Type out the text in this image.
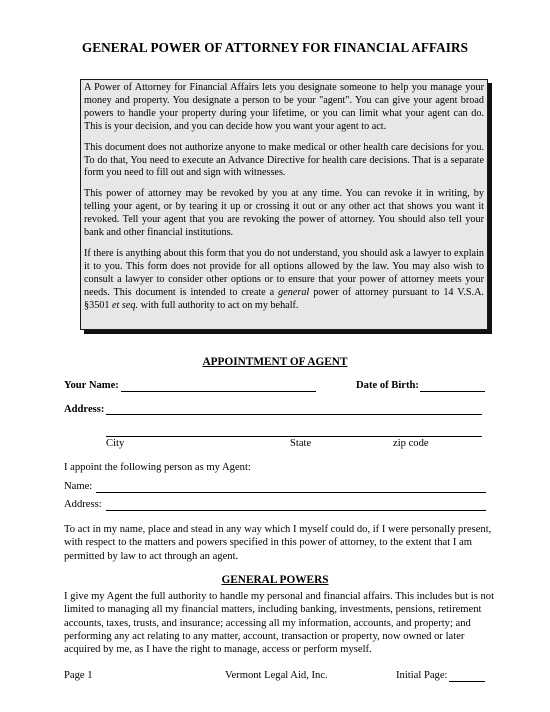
GENERAL POWER OF ATTORNEY FOR FINANCIAL AFFAIRS

A Power of Attorney for Financial Affairs lets you designate someone to help you manage your money and property. You designate a person to be your "agent". You can give your agent broad powers to handle your property during your lifetime, or you can limit what your agent can do. This is your decision, and you can decide how you want your agent to act.

This document does not authorize anyone to make medical or other health care decisions for you. To do that, You need to execute an Advance Directive for health care decisions. That is a separate form you need to fill out and sign with witnesses.

This power of attorney may be revoked by you at any time. You can revoke it in writing, by telling your agent, or by tearing it up or crossing it out or any other act that shows you want it revoked. Tell your agent that you are revoking the power of attorney. You should also tell your bank and other financial institutions.

If there is anything about this form that you do not understand, you should ask a lawyer to explain it to you. This form does not provide for all options allowed by the law. You may also wish to consult a lawyer to consider other options or to ensure that your power of attorney meets your needs. This document is intended to create a general power of attorney pursuant to 14 V.S.A. §3501 et seq. with full authority to act on my behalf.

APPOINTMENT OF AGENT
Your Name:	Date of Birth:
Address:
City	State	zip code
I appoint the following person as my Agent:
Name:
Address:
To act in my name, place and stead in any way which I myself could do, if I were personally present, with respect to the matters and powers specified in this power of attorney, to the extent that I am permitted by law to act through an agent.
GENERAL POWERS
I give my Agent the full authority to handle my personal and financial affairs. This includes but is not limited to managing all my financial matters, including banking, investments, pensions, retirement accounts, taxes, trusts, and insurance; accessing all my information, accounts, and property; and performing any act relating to any matter, account, transaction or property, now owned or later acquired by me, as I have the right to manage, access or perform myself.
Page 1	Vermont Legal Aid, Inc.	Initial Page:
